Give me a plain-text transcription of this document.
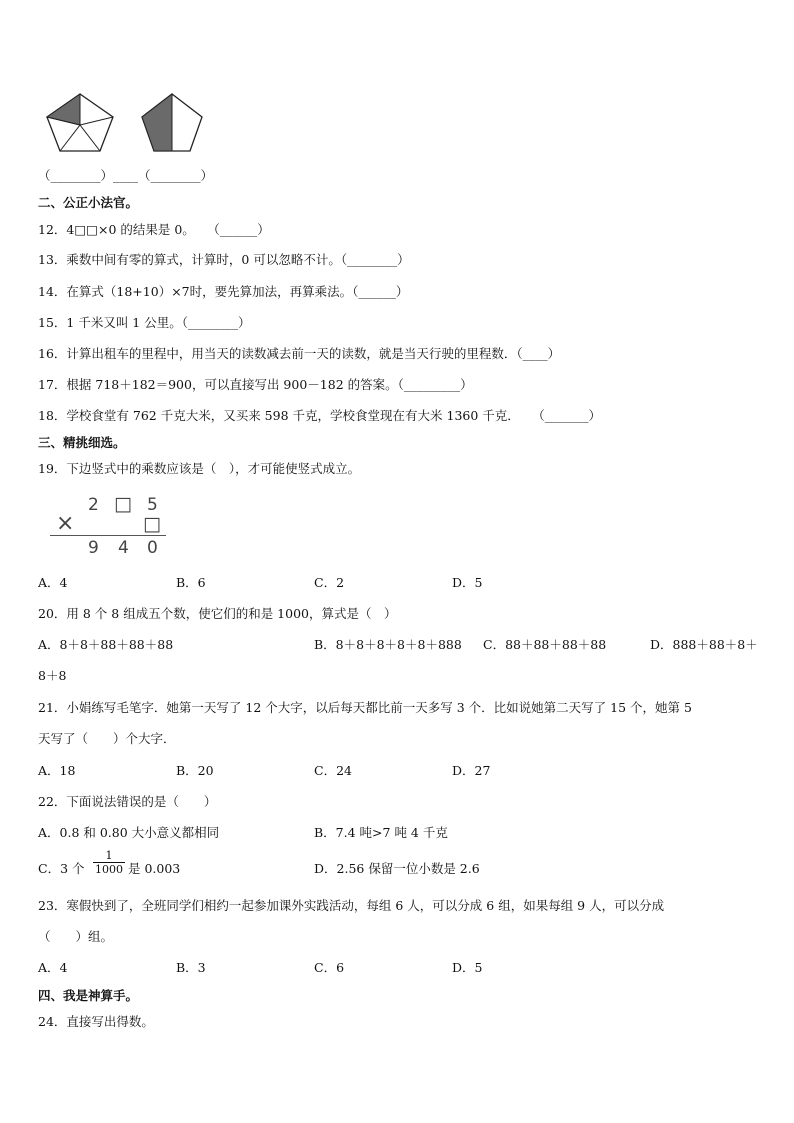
（________）____（________）
二、公正小法官。
12．4□□×0 的结果是 0。　　（______）
13．乘数中间有零的算式，计算时，0 可以忽略不计。（________）
14．在算式（18+10）×7时，要先算加法，再算乘法。（______）
15．1 千米又叫 1 公里。（________）
16．计算出租车的里程中，用当天的读数减去前一天的读数，就是当天行驶的里程数．（____）
17．根据 718＋182＝900，可以直接写出 900－182 的答案。（_________）
18．学校食堂有 762 千克大米，又买来 598 千克，学校食堂现在有大米 1360 千克．　　（_______）
三、精挑细选。
19．下边竖式中的乘数应该是（　），才可能使竖式成立。
2 □ 5
×	□
9 4 0
A．4	B．6	C．2	D．5
20．用 8 个 8 组成五个数，使它们的和是 1000，算式是（　）
A．8＋8＋88＋88＋88	B．8＋8＋8＋8＋8＋888 C．88＋88＋88＋88	D．888＋88＋8＋
8＋8
21．小娟练写毛笔字．她第一天写了 12 个大字，以后每天都比前一天多写 3 个．比如说她第二天写了 15 个，她第 5
天写了（　　）个大字．
A．18	B．20	C．24	D．27
22．下面说法错误的是（　　）
A．0.8 和 0.80 大小意义都相同	B．7.4 吨>7 吨 4 千克
C．3 个 $\frac{1}{1000}$ 是 0.003	D．2.56 保留一位小数是 2.6
23．寒假快到了，全班同学们相约一起参加课外实践活动，每组 6 人，可以分成 6 组，如果每组 9 人，可以分成
（　　）组。
A．4	B．3	C．6	D．5
四、我是神算手。
24．直接写出得数。
